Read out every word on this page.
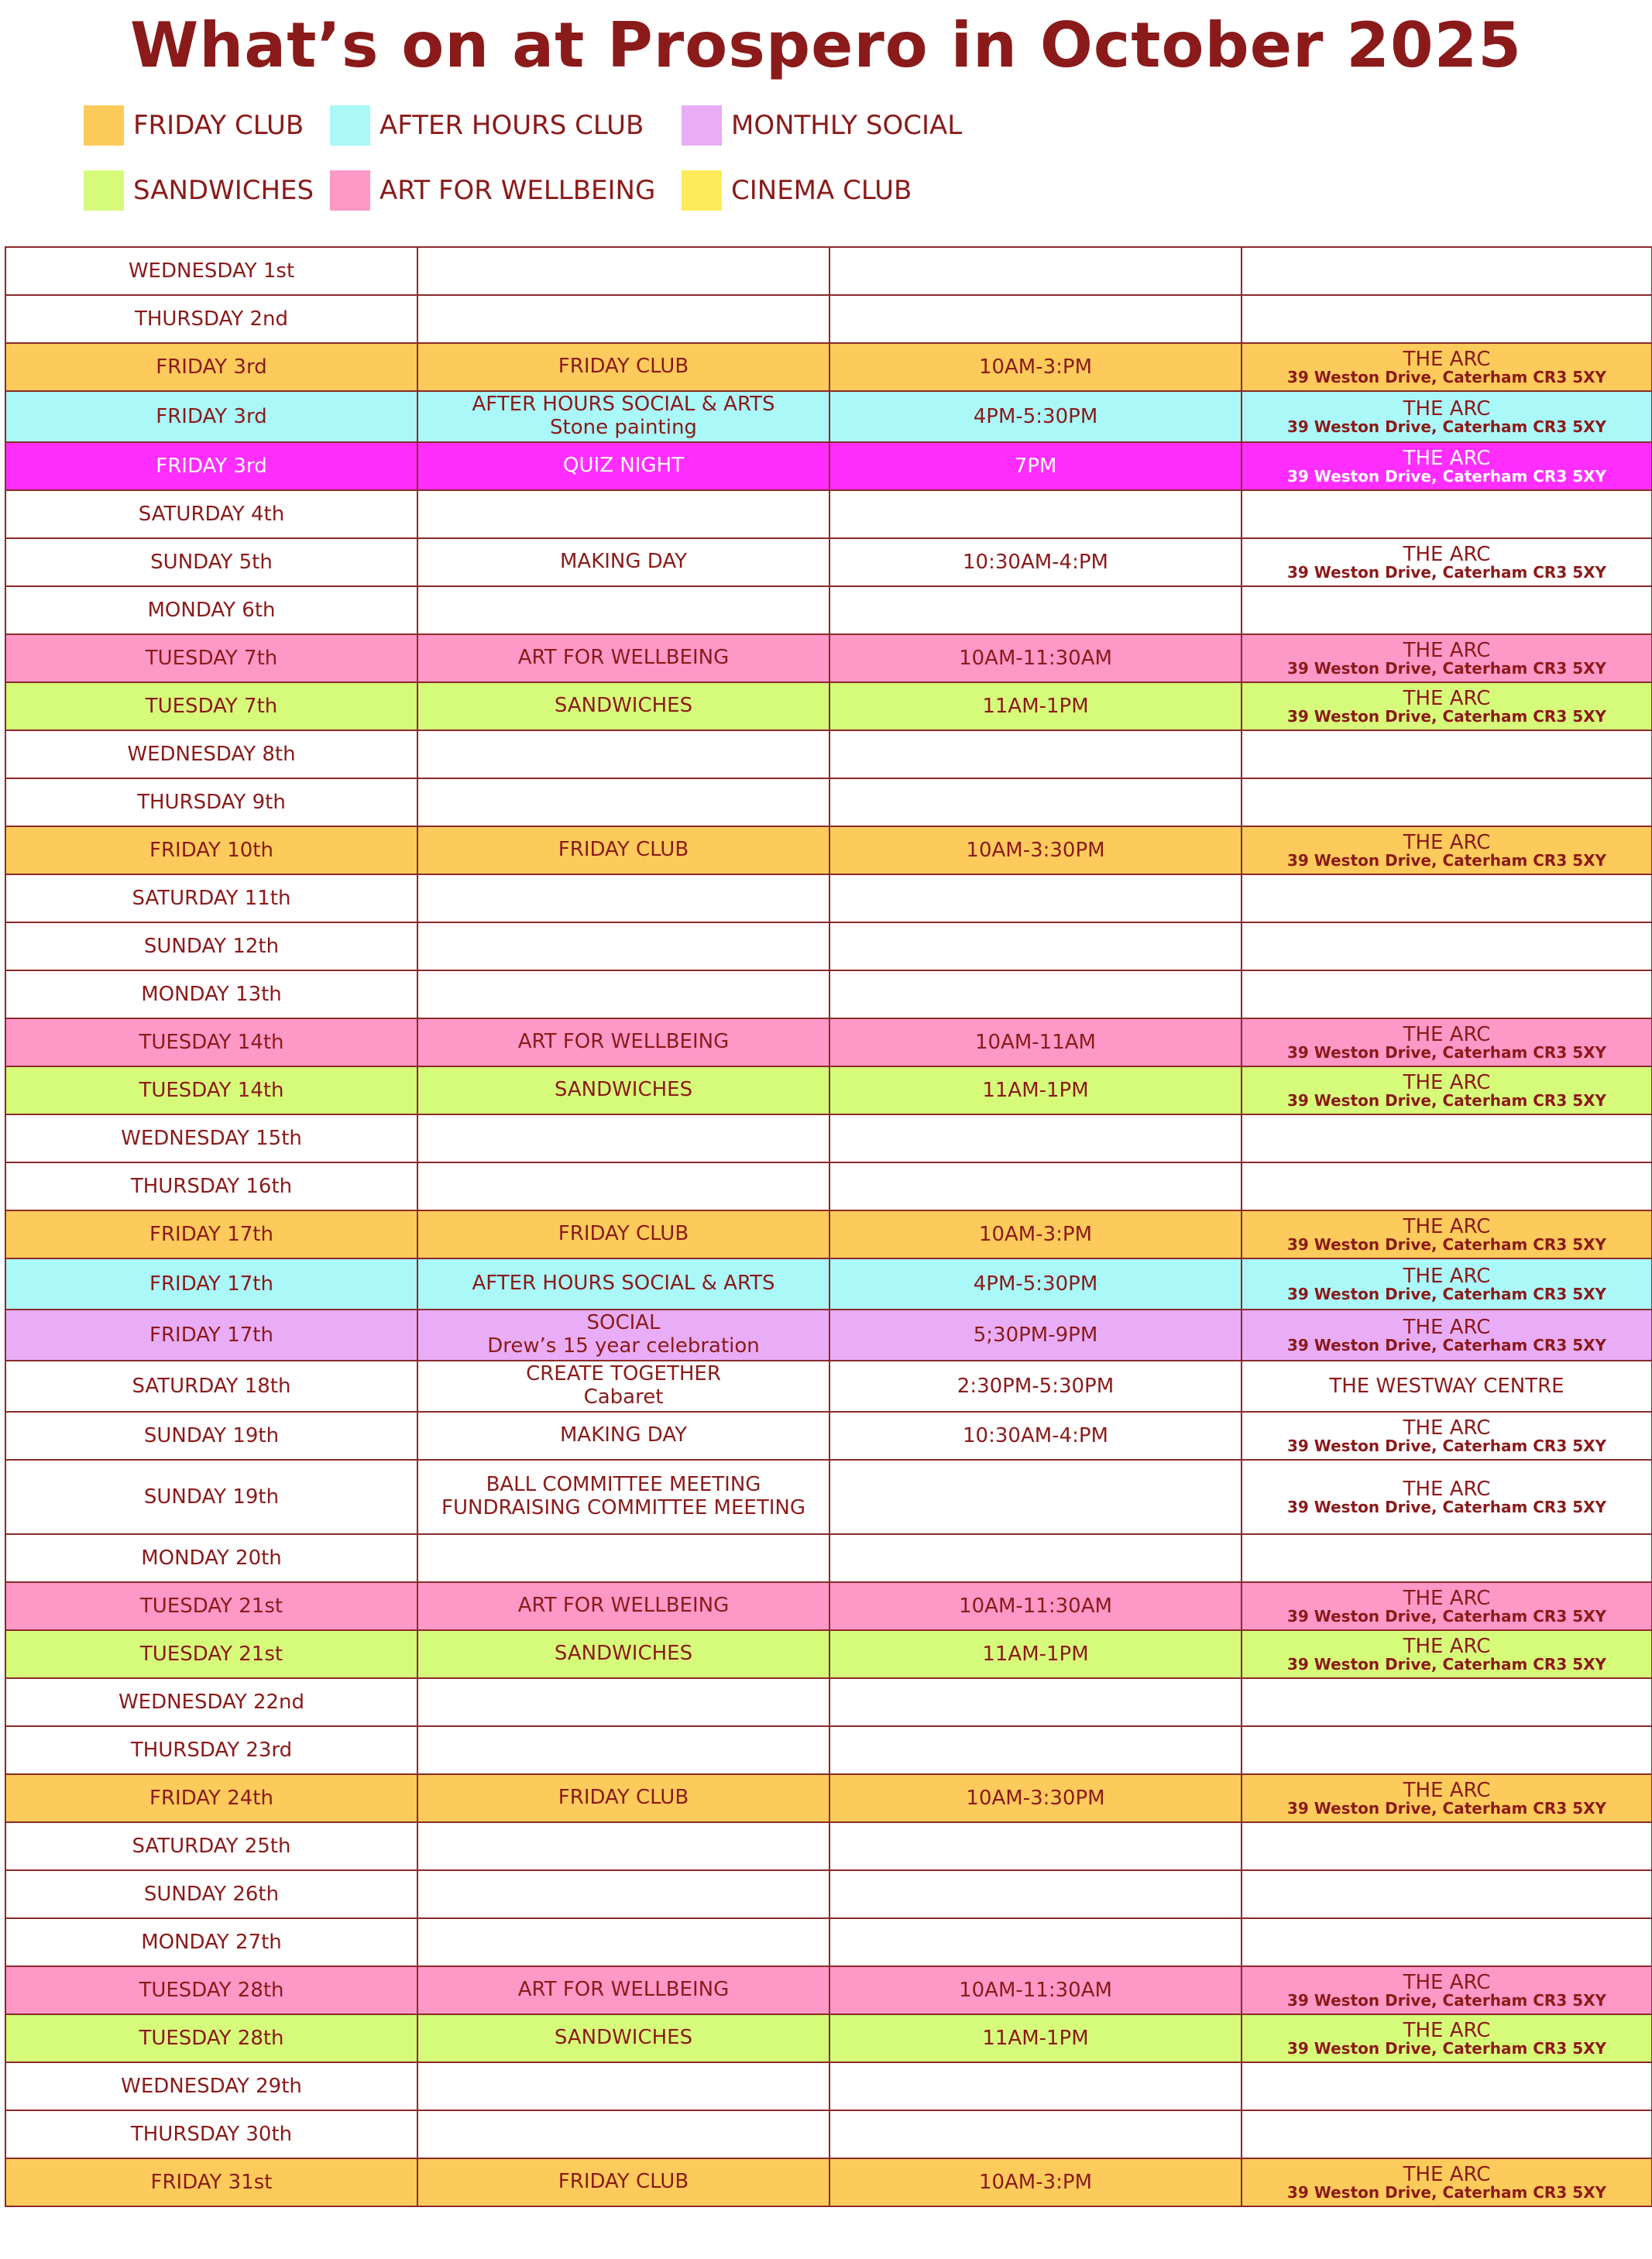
What’s on at Prospero in October 2025
FRIDAY CLUB	AFTER HOURS CLUB	MONTHLY SOCIAL
SANDWICHES ART FOR WELLBEING	CINEMA CLUB
WEDNESDAY 1st	

THURSDAY 2nd	

FRIDAY 3rd	FRIDAY CLUB	10AM-3:PM	THE ARC
39 Weston Drive, Caterham CR3 5XY

FRIDAY 3rd	AFTER HOURS SOCIAL & ARTS
Stone painting	4PM-5:30PM	THE ARC
39 Weston Drive, Caterham CR3 5XY

FRIDAY 3rd	QUIZ NIGHT	7PM	THE ARC
39 Weston Drive, Caterham CR3 5XY

SATURDAY 4th	

SUNDAY 5th	MAKING DAY	10:30AM-4:PM	THE ARC
39 Weston Drive, Caterham CR3 5XY

MONDAY 6th	

TUESDAY 7th	ART FOR WELLBEING	10AM-11:30AM	THE ARC
39 Weston Drive, Caterham CR3 5XY

TUESDAY 7th	SANDWICHES	11AM-1PM	THE ARC
39 Weston Drive, Caterham CR3 5XY

WEDNESDAY 8th	

THURSDAY 9th	

FRIDAY 10th	FRIDAY CLUB	10AM-3:30PM	THE ARC
39 Weston Drive, Caterham CR3 5XY

SATURDAY 11th	

SUNDAY 12th	

MONDAY 13th	

TUESDAY 14th	ART FOR WELLBEING	10AM-11AM	THE ARC
39 Weston Drive, Caterham CR3 5XY

TUESDAY 14th	SANDWICHES	11AM-1PM	THE ARC
39 Weston Drive, Caterham CR3 5XY

WEDNESDAY 15th	

THURSDAY 16th	

FRIDAY 17th	FRIDAY CLUB	10AM-3:PM	THE ARC
39 Weston Drive, Caterham CR3 5XY

FRIDAY 17th	AFTER HOURS SOCIAL & ARTS	4PM-5:30PM	THE ARC
39 Weston Drive, Caterham CR3 5XY

FRIDAY 17th	SOCIAL
Drew’s 15 year celebration	5;30PM-9PM	THE ARC
39 Weston Drive, Caterham CR3 5XY

SATURDAY 18th	CREATE TOGETHER
Cabaret	2:30PM-5:30PM	THE WESTWAY CENTRE

SUNDAY 19th	MAKING DAY	10:30AM-4:PM	THE ARC
39 Weston Drive, Caterham CR3 5XY

SUNDAY 19th	BALL COMMITTEE MEETING
FUNDRAISING COMMITTEE MEETING		THE ARC
39 Weston Drive, Caterham CR3 5XY

MONDAY 20th	

TUESDAY 21st	ART FOR WELLBEING	10AM-11:30AM	THE ARC
39 Weston Drive, Caterham CR3 5XY

TUESDAY 21st	SANDWICHES	11AM-1PM	THE ARC
39 Weston Drive, Caterham CR3 5XY

WEDNESDAY 22nd	

THURSDAY 23rd	

FRIDAY 24th	FRIDAY CLUB	10AM-3:30PM	THE ARC
39 Weston Drive, Caterham CR3 5XY

SATURDAY 25th	

SUNDAY 26th	

MONDAY 27th	

TUESDAY 28th	ART FOR WELLBEING	10AM-11:30AM	THE ARC
39 Weston Drive, Caterham CR3 5XY

TUESDAY 28th	SANDWICHES	11AM-1PM	THE ARC
39 Weston Drive, Caterham CR3 5XY

WEDNESDAY 29th	

THURSDAY 30th	

FRIDAY 31st	FRIDAY CLUB	10AM-3:PM	THE ARC
39 Weston Drive, Caterham CR3 5XY
